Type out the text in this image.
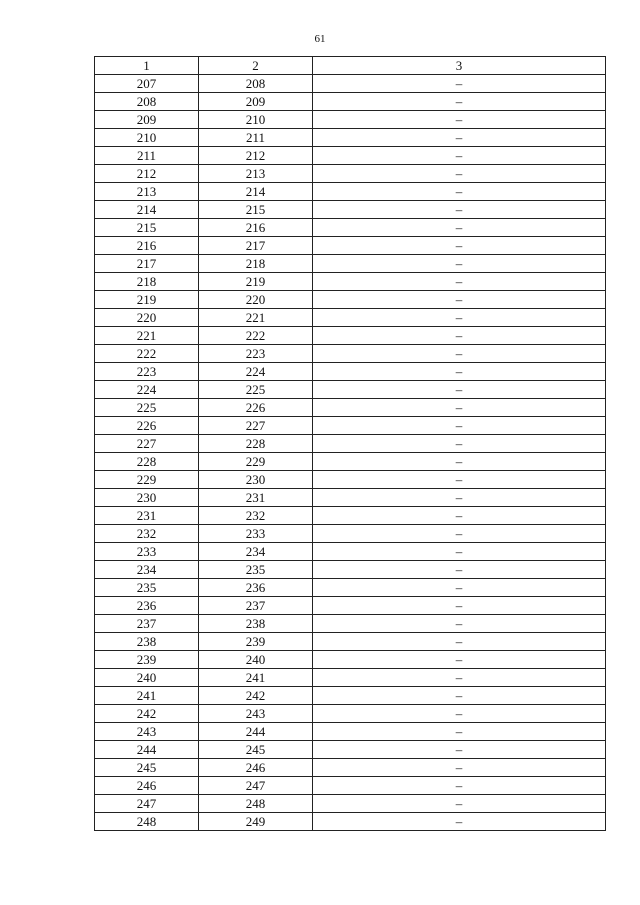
61
1	2	3
207	208	–
208	209	–
209	210	–
210	211	–
211	212	–
212	213	–
213	214	–
214	215	–
215	216	–
216	217	–
217	218	–
218	219	–
219	220	–
220	221	–
221	222	–
222	223	–
223	224	–
224	225	–
225	226	–
226	227	–
227	228	–
228	229	–
229	230	–
230	231	–
231	232	–
232	233	–
233	234	–
234	235	–
235	236	–
236	237	–
237	238	–
238	239	–
239	240	–
240	241	–
241	242	–
242	243	–
243	244	–
244	245	–
245	246	–
246	247	–
247	248	–
248	249	–
